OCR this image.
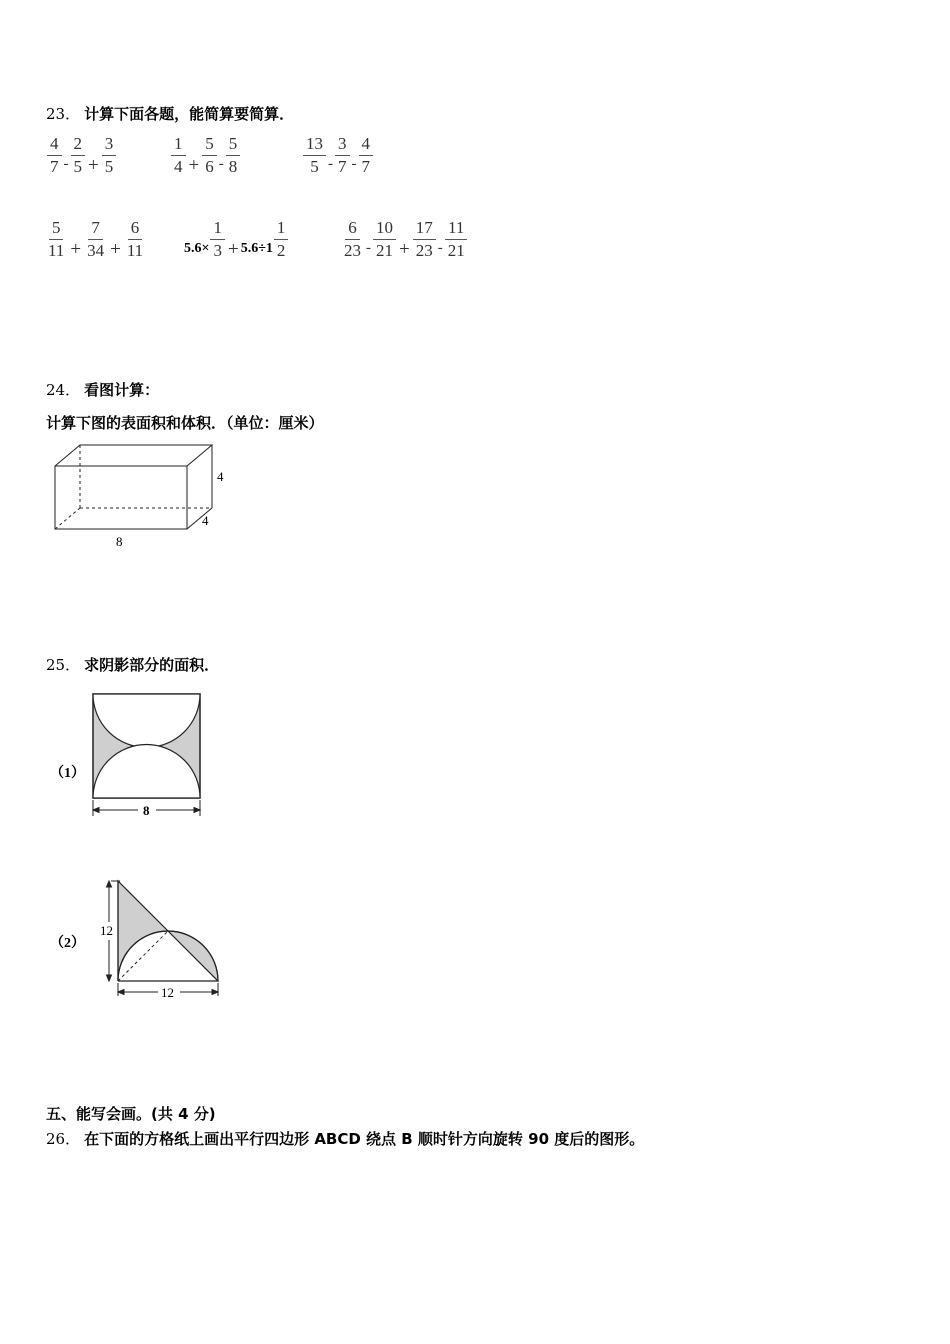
23． 计算下面各题，能简算要简算．
$\frac{4}{7} - \frac{2}{5} + \frac{3}{5}$	$\frac{1}{4} + \frac{5}{6} - \frac{5}{8}$	$\frac{13}{5} - \frac{3}{7} - \frac{4}{7}$
$\frac{5}{11} + \frac{7}{34} + \frac{6}{11}$	$5.6\times \frac{1}{3} + 5.6\div 1 \frac{1}{2}$	$\frac{6}{23} - \frac{10}{21} + \frac{17}{23} - \frac{11}{21}$
24． 看图计算：
计算下图的表面积和体积．（单位：厘米）
4
4
8
25． 求阴影部分的面积．
（1）
8
（2）
12
12
五、能写会画。(共 4 分)
26． 在下面的方格纸上画出平行四边形 ABCD 绕点 B 顺时针方向旋转 90 度后的图形。
